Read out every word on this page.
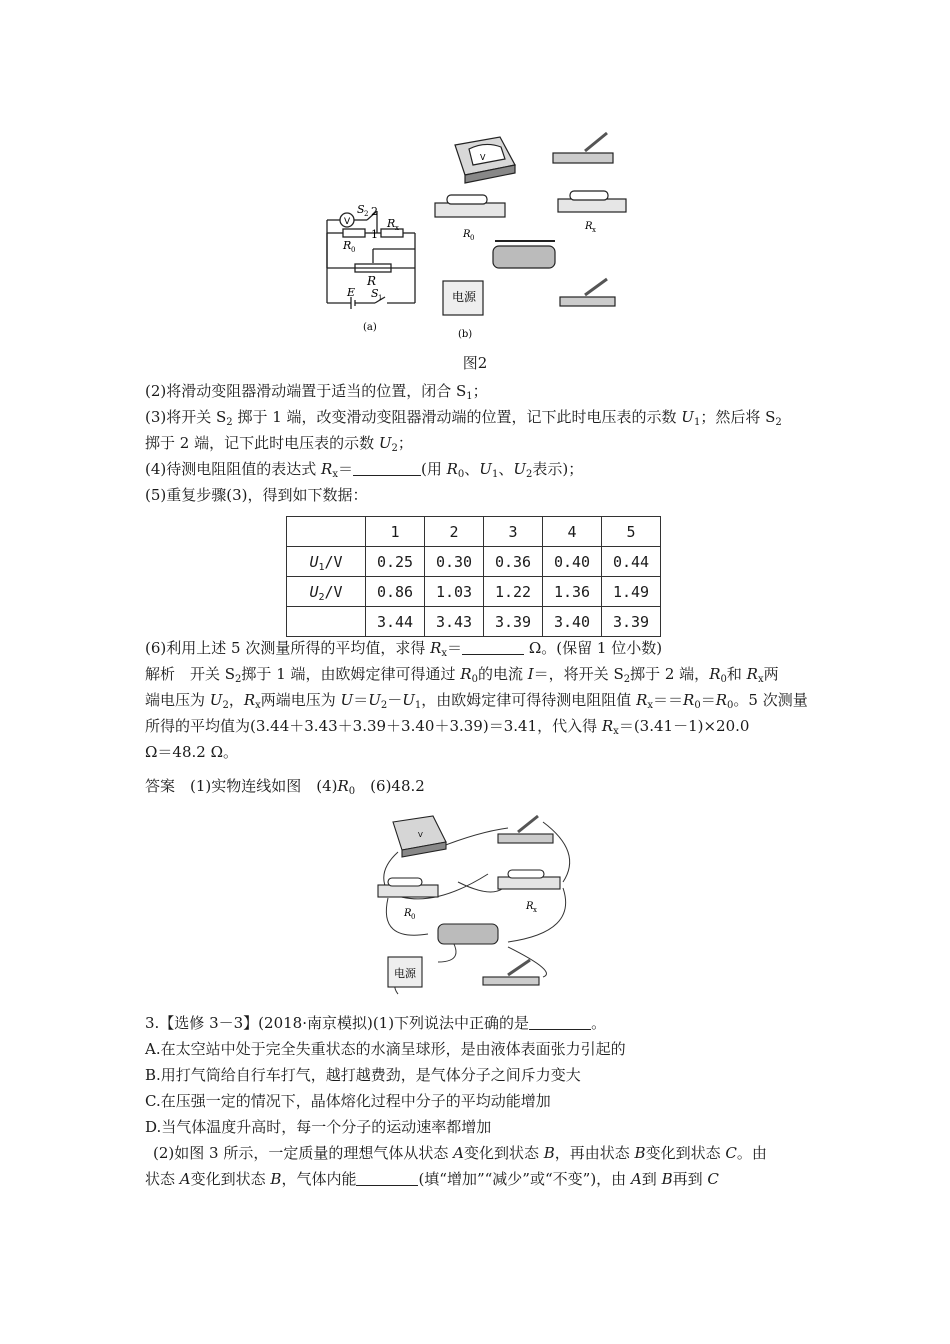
V
S 2 2
1
R x
R 0
R
E S 1
(a)
(b)
电源
R 0
R x
V
图2
(2)将滑动变阻器滑动端置于适当的位置，闭合 $S_1$；
(3)将开关 $S_2$ 掷于 1 端，改变滑动变阻器滑动端的位置，记下此时电压表的示数 $U_1$；然后将 $S_2$
掷于 2 端，记下此时电压表的示数 $U_2$；
(4)待测电阻阻值的表达式 $R_x=$	(用 $R_0$、$U_1$、$U_2$表示)；
(5)重复步骤(3)，得到如下数据：
	1	2	3	4	5
$U_1/V$	0.25	0.30	0.36	0.40	0.44
$U_2/V$	0.86	1.03	1.22	1.36	1.49
	3.44	3.43	3.39	3.40	3.39
(6)利用上述 5 次测量所得的平均值，求得 $R_x=$	Ω。(保留 1 位小数)
解析　开关 $S_2$掷于 1 端，由欧姆定律可得通过 $R_0$的电流 I＝，将开关 $S_2$掷于 2 端，$R_0$和 $R_x$两
端电压为 $U_2$，$R_x$两端电压为 $U=U_2-U_1$，由欧姆定律可得待测电阻阻值 $R_x==R_0=R_0$。5 次测量
所得的平均值为(3.44＋3.43＋3.39＋3.40＋3.39)＝3.41，代入得 $R_x=(3.41-1)\times 20.0$
Ω＝48.2 Ω。
答案　(1)实物连线如图　$(4)R_0$　(6)48.2
电源
R 0
R x
V
3.【选修 3－3】(2018·南京模拟)(1)下列说法中正确的是	。
A.在太空站中处于完全失重状态的水滴呈球形，是由液体表面张力引起的
B.用打气筒给自行车打气，越打越费劲，是气体分子之间斥力变大
C.在压强一定的情况下，晶体熔化过程中分子的平均动能增加
D.当气体温度升高时，每一个分子的运动速率都增加
(2)如图 3 所示，一定质量的理想气体从状态 A变化到状态 B，再由状态 B变化到状态 C。由
状态 A变化到状态 B，气体内能	(填“增加”“减少”或“不变”)，由 A到 B再到 C
